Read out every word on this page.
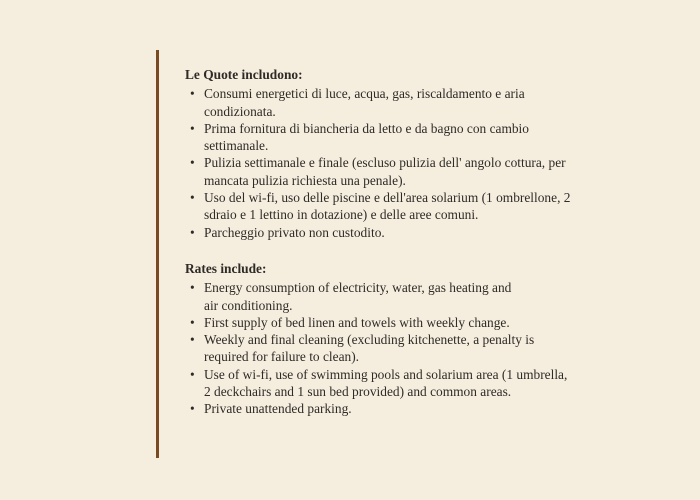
Le Quote includono:
• Consumi energetici di luce, acqua, gas, riscaldamento e aria
condizionata.
• Prima fornitura di biancheria da letto e da bagno con cambio
settimanale.
• Pulizia settimanale e finale (escluso pulizia dell' angolo cottura, per
mancata pulizia richiesta una penale).
• Uso del wi-fi, uso delle piscine e dell'area solarium (1 ombrellone, 2
sdraio e 1 lettino in dotazione) e delle aree comuni.
• Parcheggio privato non custodito.
Rates include:
• Energy consumption of electricity, water, gas heating and
air conditioning.
• First supply of bed linen and towels with weekly change.
• Weekly and final cleaning (excluding kitchenette, a penalty is
required for failure to clean).
• Use of wi-fi, use of swimming pools and solarium area (1 umbrella,
2 deckchairs and 1 sun bed provided) and common areas.
• Private unattended parking.
